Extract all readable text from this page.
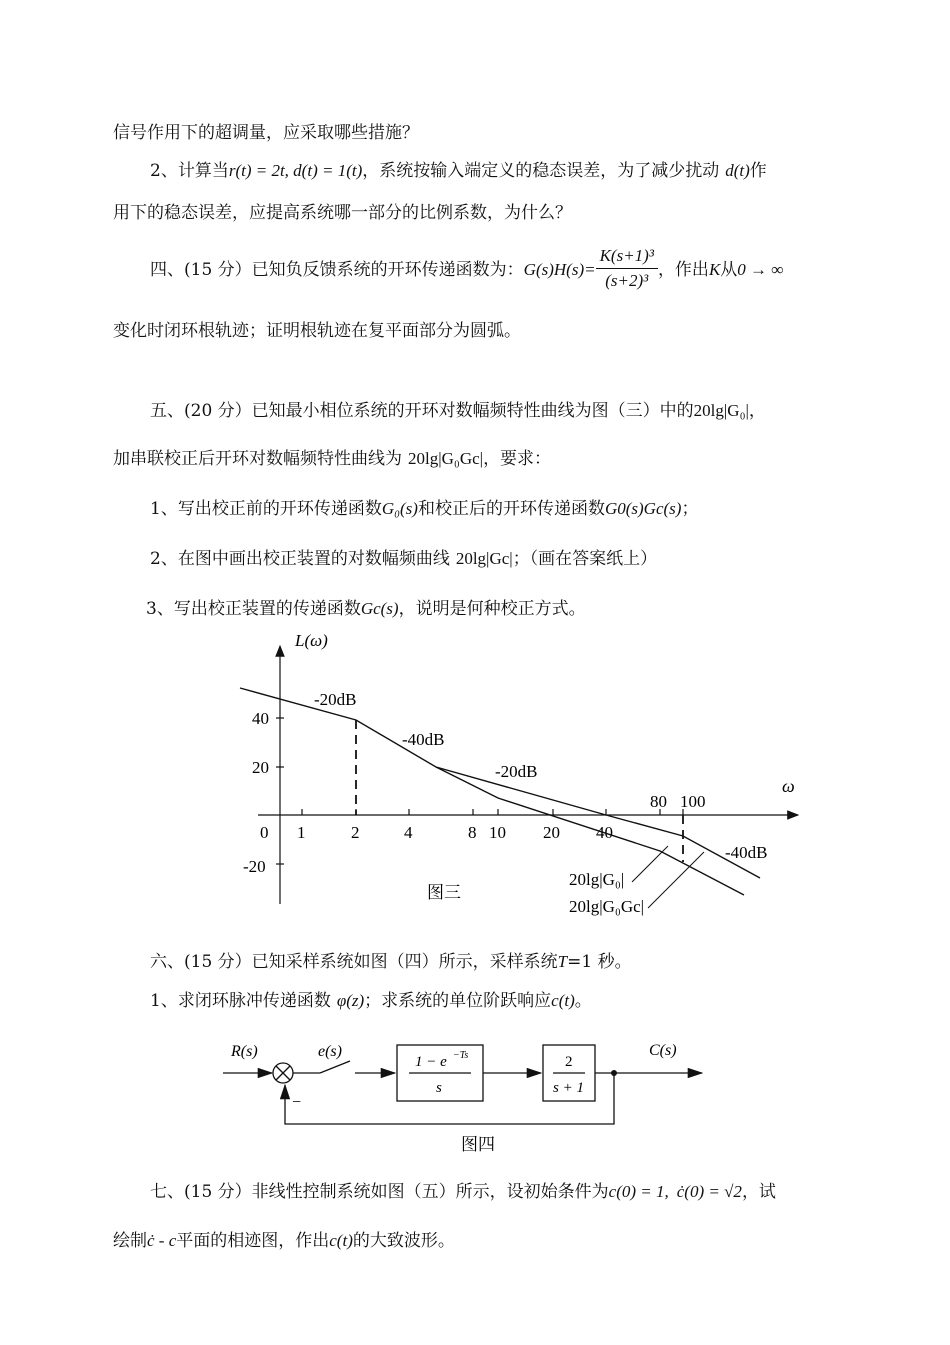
信号作用下的超调量，应采取哪些措施？
2、计算当r(t) = 2t, d(t) = 1(t)，系统按输入端定义的稳态误差，为了减少扰动 d(t)作
用下的稳态误差，应提高系统哪一部分的比例系数，为什么？
四、(15 分）已知负反馈系统的开环传递函数为：$G(s)H(s)= \frac{\text{K(s+1)³}}{\text{(s+2)³}}$ ，作出K从0 → ∞
变化时闭环根轨迹；证明根轨迹在复平面部分为圆弧。
五、(20 分）已知最小相位系统的开环对数幅频特性曲线为图（三）中的20lg|G₀|，
加串联校正后开环对数幅频特性曲线为 20lg|G₀Gc|，要求：
1、写出校正前的开环传递函数G₀(s)和校正后的开环传递函数G0(s)Gc(s)；
2、在图中画出校正装置的对数幅频曲线 20lg|Gc|；（画在答案纸上）
3、写出校正装置的传递函数Gc(s)，说明是何种校正方式。
L(ω)
ω
40
20
-20
0 1	2	4	8 10 20 40
80 100
-20dB
-40dB
-20dB
-40dB
20lg|G₀|
20lg|G₀Gc|
图三
六、(15 分）已知采样系统如图（四）所示，采样系统T=1 秒。
1、求闭环脉冲传递函数 φ(z)；求系统的单位阶跃响应c(t)。
R(s)	e(s)	C(s)
−
1 − e −Ts
s
2
s + 1
图四
七、(15 分）非线性控制系统如图（五）所示，设初始条件为c(0) = 1, ċ(0) = √2，试
绘制ċ - c平面的相迹图，作出c(t)的大致波形。
